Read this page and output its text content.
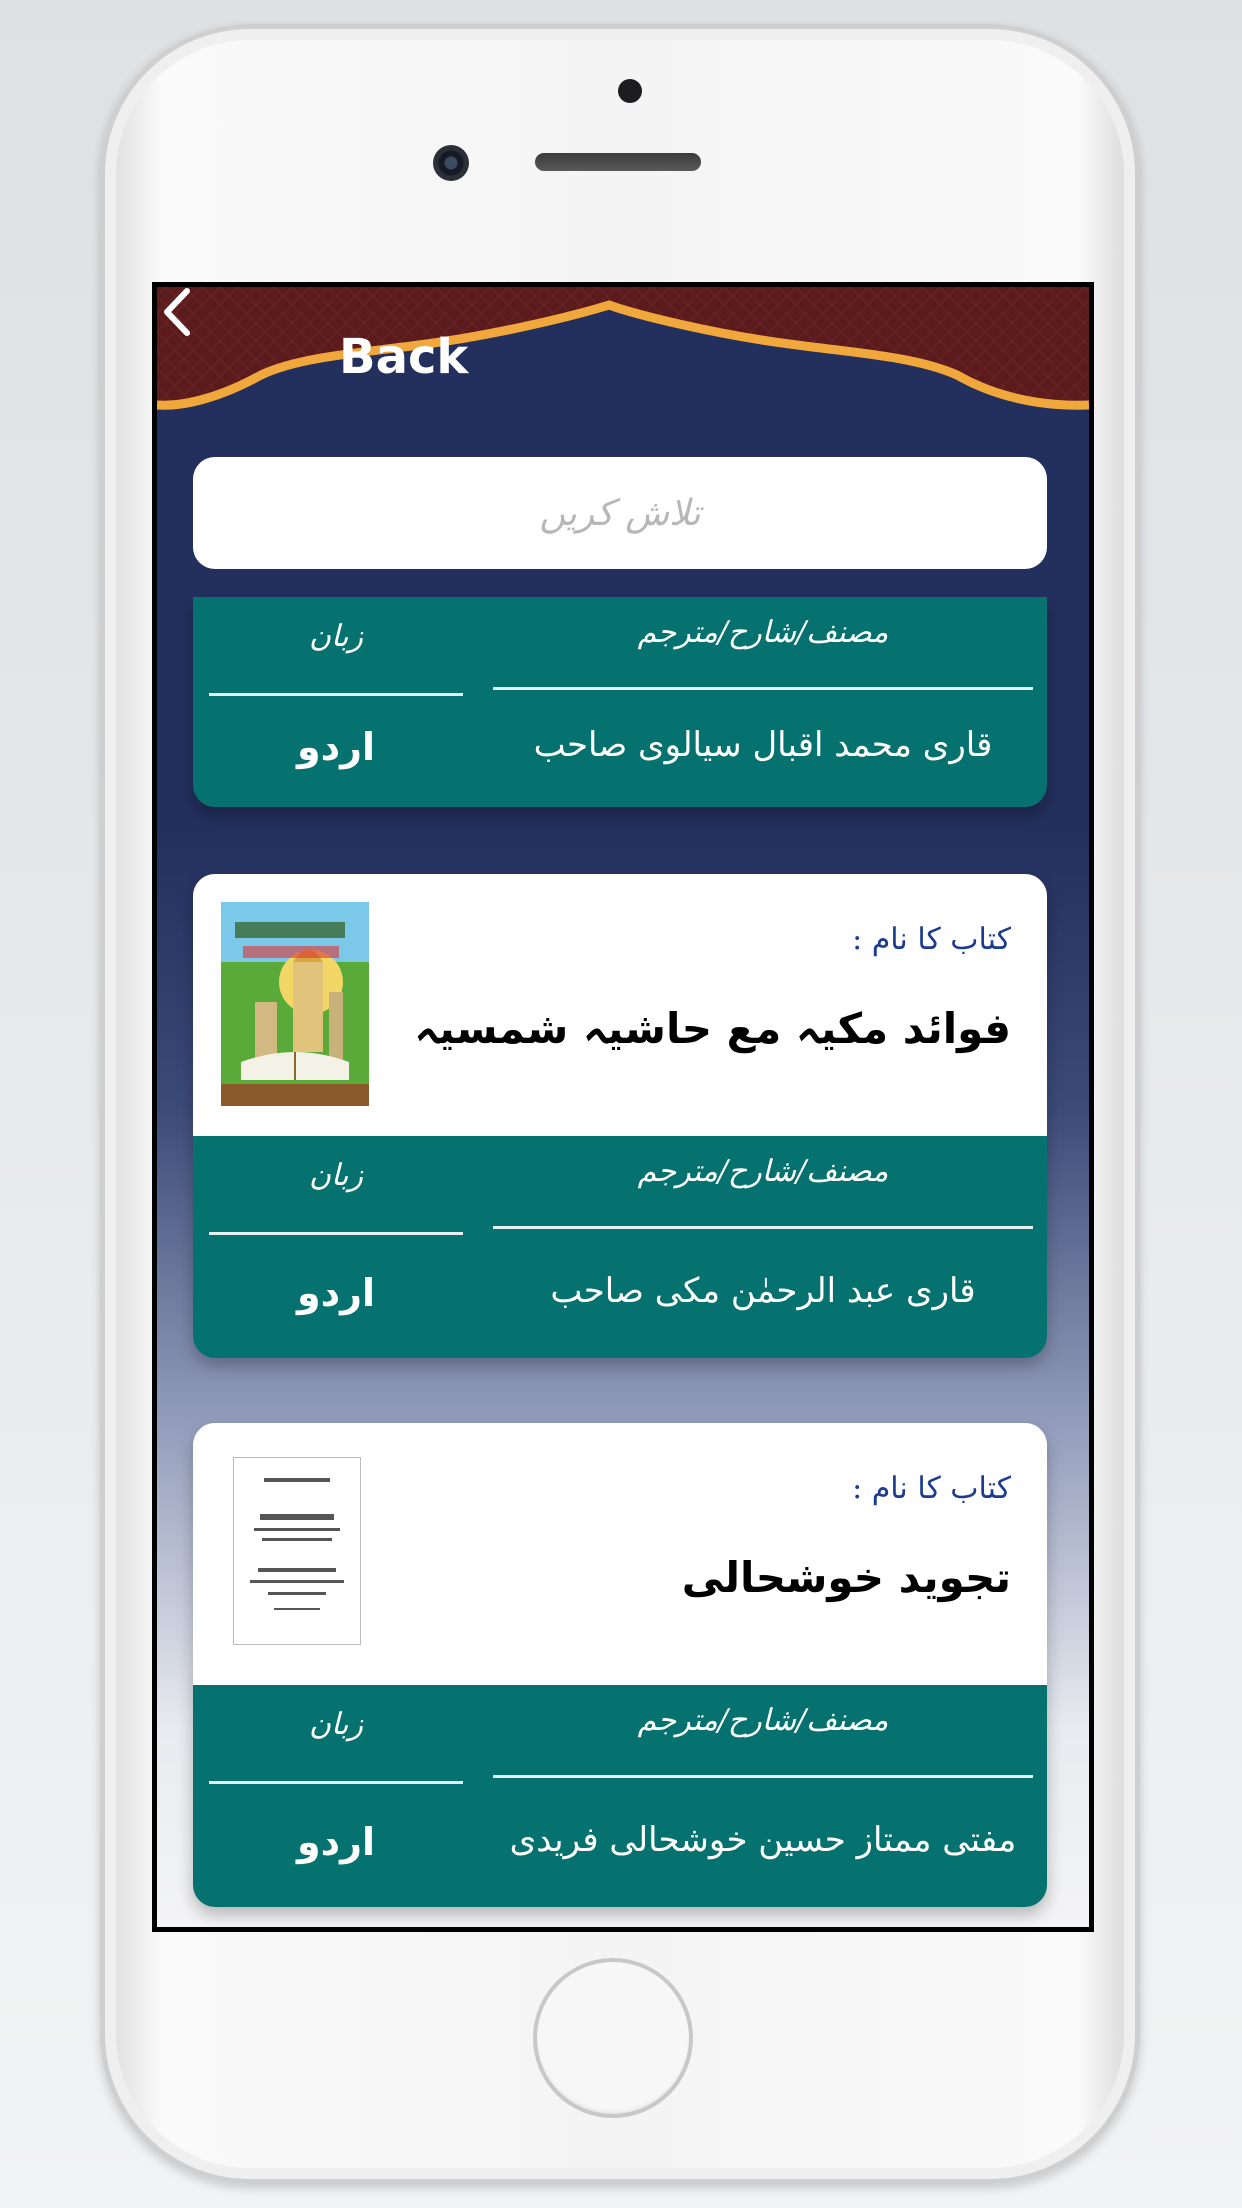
Back
تلاش کریں
مصنف/شارح/مترجم
زبان
قاری محمد اقبال سیالوی صاحب
اردو
کتاب کا نام :
فوائد مکیہ مع حاشیہ شمسیہ
مصنف/شارح/مترجم
زبان
قاری عبد الرحمٰن مکی صاحب
اردو
کتاب کا نام :
تجوید خوشحالی
مصنف/شارح/مترجم
زبان
مفتی ممتاز حسین خوشحالی فریدی
اردو
